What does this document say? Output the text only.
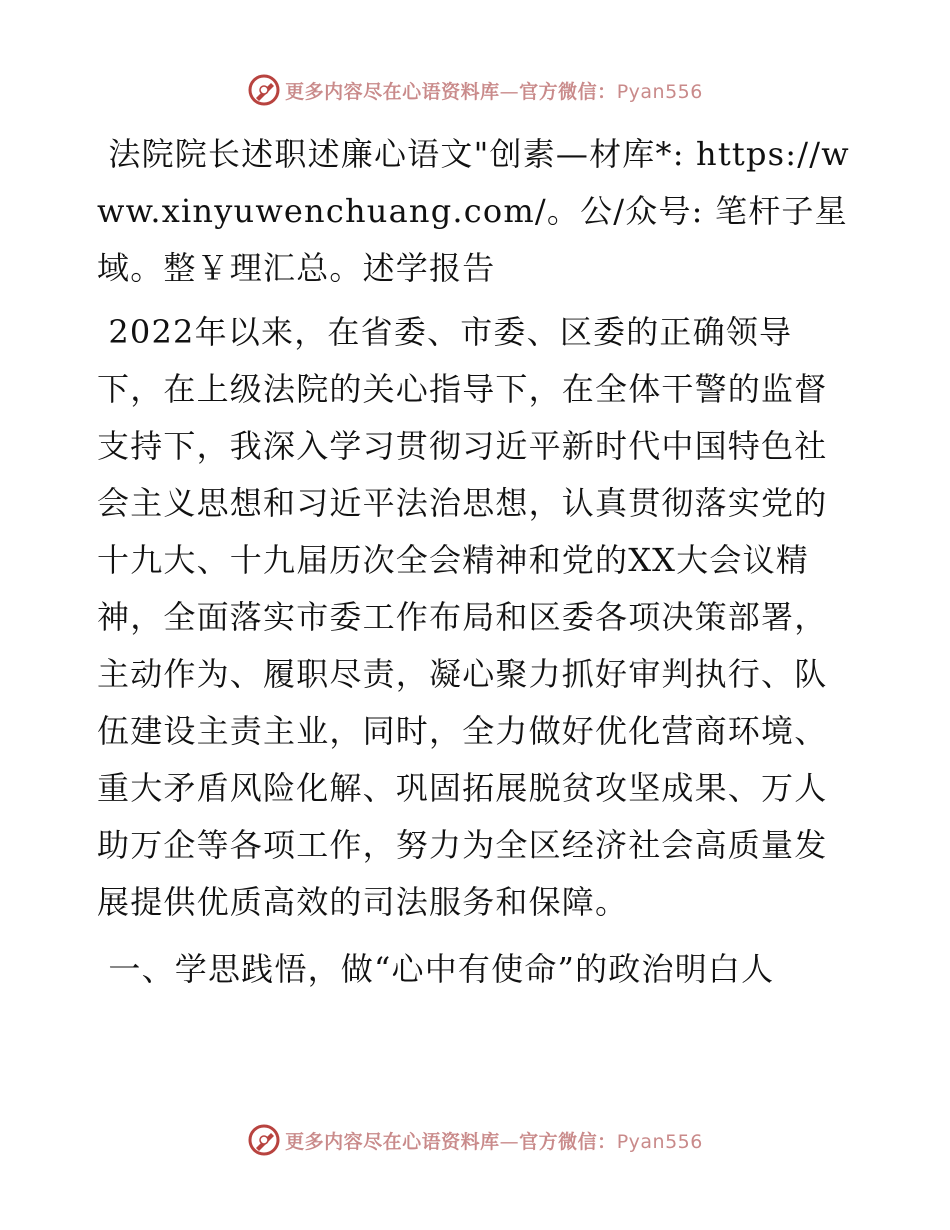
更多内容尽在心语资料库—官方微信：Pyan556

法院院长述职述廉心语文"创素—材库*: https://www.xinyuwenchuang.com/。公/众号: 笔杆子星域。整￥理汇总。述学报告

2022年以来，在省委、市委、区委的正确领导下，在上级法院的关心指导下，在全体干警的监督支持下，我深入学习贯彻习近平新时代中国特色社会主义思想和习近平法治思想，认真贯彻落实党的十九大、十九届历次全会精神和党的XX大会议精神，全面落实市委工作布局和区委各项决策部署，主动作为、履职尽责，凝心聚力抓好审判执行、队伍建设主责主业，同时，全力做好优化营商环境、重大矛盾风险化解、巩固拓展脱贫攻坚成果、万人助万企等各项工作，努力为全区经济社会高质量发展提供优质高效的司法服务和保障。

一、学思践悟，做“心中有使命”的政治明白人

更多内容尽在心语资料库—官方微信：Pyan556
